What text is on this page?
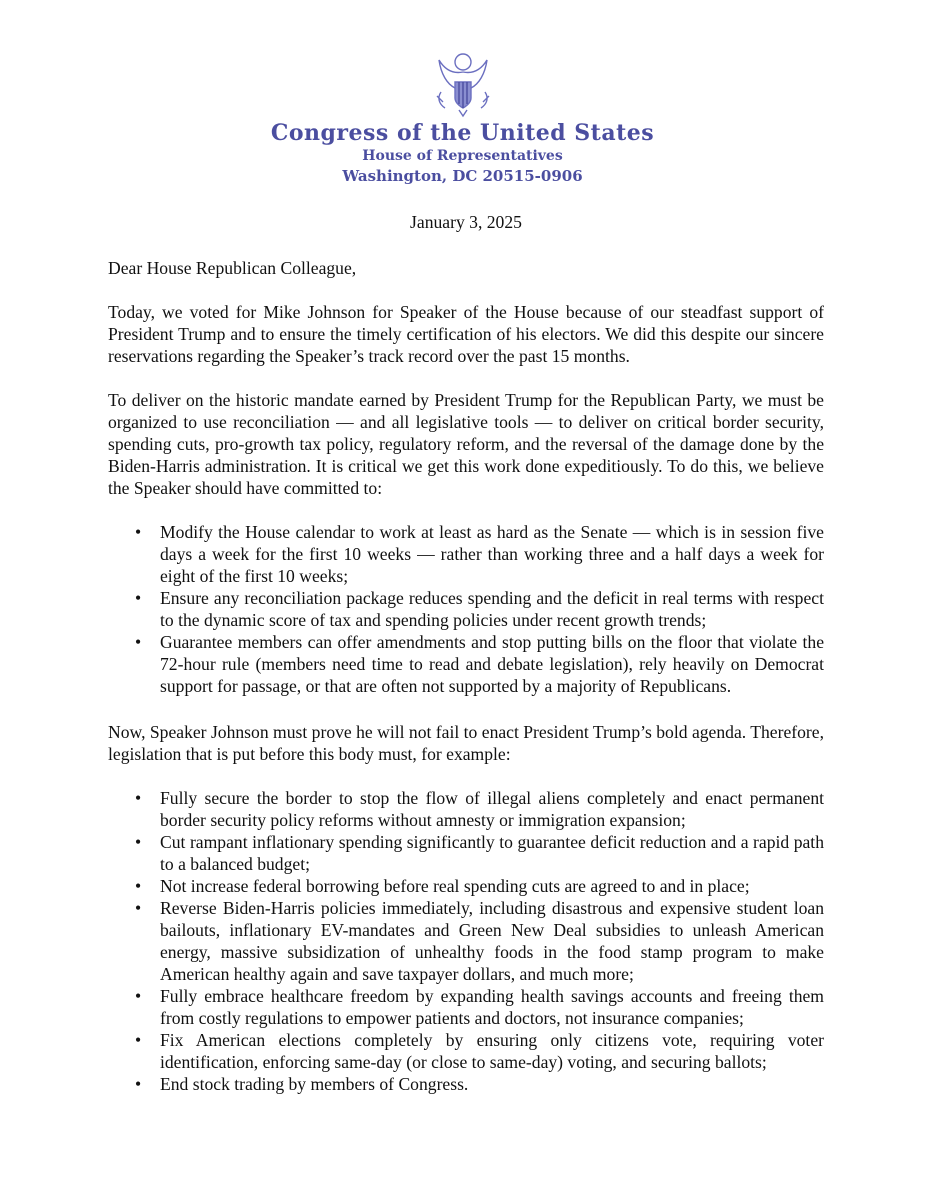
Congress of the United States
House of Representatives
Washington, DC 20515-0906
January 3, 2025

Dear House Republican Colleague,

Today, we voted for Mike Johnson for Speaker of the House because of our steadfast support of President Trump and to ensure the timely certification of his electors. We did this despite our sincere reservations regarding the Speaker’s track record over the past 15 months.

To deliver on the historic mandate earned by President Trump for the Republican Party, we must be organized to use reconciliation — and all legislative tools — to deliver on critical border security, spending cuts, pro-growth tax policy, regulatory reform, and the reversal of the damage done by the Biden-Harris administration. It is critical we get this work done expeditiously. To do this, we believe the Speaker should have committed to:

• Modify the House calendar to work at least as hard as the Senate — which is in session five days a week for the first 10 weeks — rather than working three and a half days a week for eight of the first 10 weeks;
• Ensure any reconciliation package reduces spending and the deficit in real terms with respect to the dynamic score of tax and spending policies under recent growth trends;
• Guarantee members can offer amendments and stop putting bills on the floor that violate the 72-hour rule (members need time to read and debate legislation), rely heavily on Democrat support for passage, or that are often not supported by a majority of Republicans.

Now, Speaker Johnson must prove he will not fail to enact President Trump’s bold agenda. Therefore, legislation that is put before this body must, for example:

• Fully secure the border to stop the flow of illegal aliens completely and enact permanent border security policy reforms without amnesty or immigration expansion;
• Cut rampant inflationary spending significantly to guarantee deficit reduction and a rapid path to a balanced budget;
• Not increase federal borrowing before real spending cuts are agreed to and in place;
• Reverse Biden-Harris policies immediately, including disastrous and expensive student loan bailouts, inflationary EV-mandates and Green New Deal subsidies to unleash American energy, massive subsidization of unhealthy foods in the food stamp program to make American healthy again and save taxpayer dollars, and much more;
• Fully embrace healthcare freedom by expanding health savings accounts and freeing them from costly regulations to empower patients and doctors, not insurance companies;
• Fix American elections completely by ensuring only citizens vote, requiring voter identification, enforcing same-day (or close to same-day) voting, and securing ballots;
• End stock trading by members of Congress.
